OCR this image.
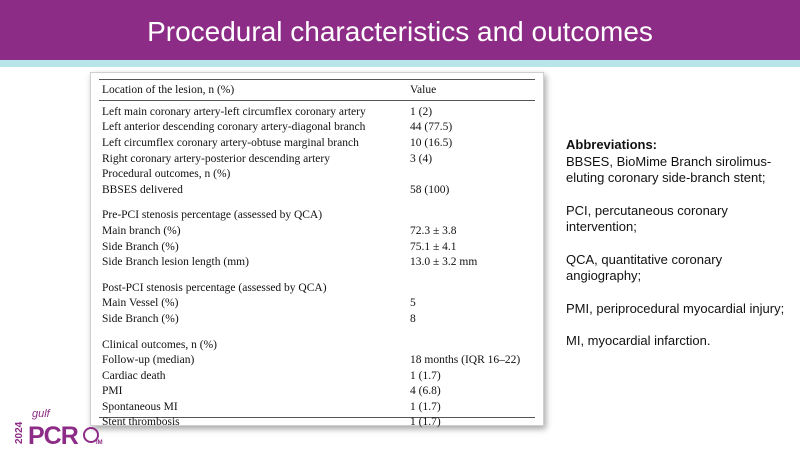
Procedural characteristics and outcomes
Location of the lesion, n (%)	Value

Left main coronary artery-left circumflex coronary artery	1 (2)
Left anterior descending coronary artery-diagonal branch	44 (77.5)
Left circumflex coronary artery-obtuse marginal branch	10 (16.5)
Right coronary artery-posterior descending artery	3 (4)
Procedural outcomes, n (%)	
BBSES delivered	58 (100)

Pre-PCI stenosis percentage (assessed by QCA)	
Main branch (%)	72.3 ± 3.8
Side Branch (%)	75.1 ± 4.1
Side Branch lesion length (mm)	13.0 ± 3.2 mm

Post-PCI stenosis percentage (assessed by QCA)	
Main Vessel (%)	5
Side Branch (%)	8

Clinical outcomes, n (%)	
Follow-up (median)	18 months (IQR 16–22)
Cardiac death	1 (1.7)
PMI	4 (6.8)
Spontaneous MI	1 (1.7)
Stent thrombosis	1 (1.7)
Abbreviations:

BBSES, BioMime Branch sirolimus-eluting coronary side-branch stent;

PCI, percutaneous coronary intervention;

QCA, quantitative coronary angiography;

PMI, periprocedural myocardial injury;

MI, myocardial infarction.

2024
gulf
PCR	IM
